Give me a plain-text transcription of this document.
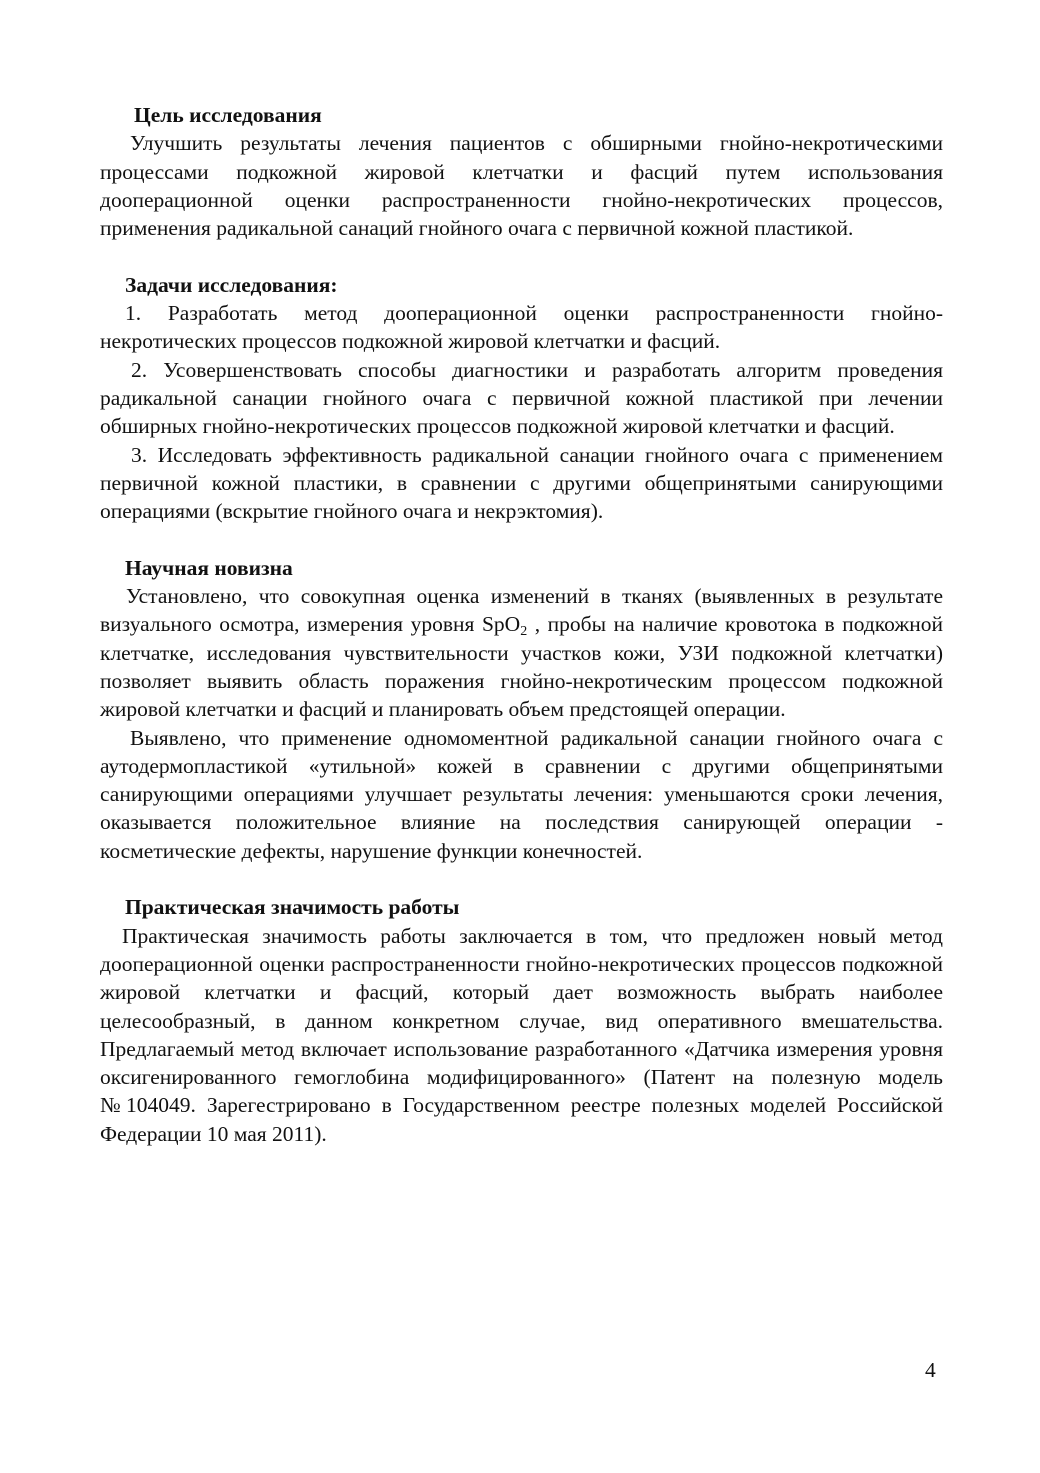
Цель исследования

Улучшить результаты лечения пациентов с обширными гнойно-некротическими процессами подкожной жировой клетчатки и фасций путем использования дооперационной оценки распространенности гнойно-некротических процессов, применения радикальной санаций гнойного очага с первичной кожной пластикой.

Задачи исследования:

1. Разработать метод дооперационной оценки распространенности гнойно-некротических процессов подкожной жировой клетчатки и фасций.

2. Усовершенствовать способы диагностики и разработать алгоритм проведения радикальной санации гнойного очага с первичной кожной пластикой при лечении обширных гнойно-некротических процессов подкожной жировой клетчатки и фасций.

3. Исследовать эффективность радикальной санации гнойного очага с применением первичной кожной пластики, в сравнении с другими общепринятыми санирующими операциями (вскрытие гнойного очага и некрэктомия).

Научная новизна

Установлено, что совокупная оценка изменений в тканях (выявленных в результате визуального осмотра, измерения уровня SpO$_2$ , пробы на наличие кровотока в подкожной клетчатке, исследования чувствительности участков кожи, УЗИ подкожной клетчатки) позволяет выявить область поражения гнойно-некротическим процессом подкожной жировой клетчатки и фасций и планировать объем предстоящей операции.

Выявлено, что применение одномоментной радикальной санации гнойного очага с аутодермопластикой «утильной» кожей в сравнении с другими общепринятыми санирующими операциями улучшает результаты лечения: уменьшаются сроки лечения, оказывается положительное влияние на последствия санирующей операции - косметические дефекты, нарушение функции конечностей.

Практическая значимость работы

Практическая значимость работы заключается в том, что предложен новый метод дооперационной оценки распространенности гнойно-некротических процессов подкожной жировой клетчатки и фасций, который дает возможность выбрать наиболее целесообразный, в данном конкретном случае, вид оперативного вмешательства. Предлагаемый метод включает использование разработанного «Датчика измерения уровня оксигенированного гемоглобина модифицированного» (Патент на полезную модель №104049. Зарегестрировано в Государственном реестре полезных моделей Российской Федерации 10 мая 2011).

4
